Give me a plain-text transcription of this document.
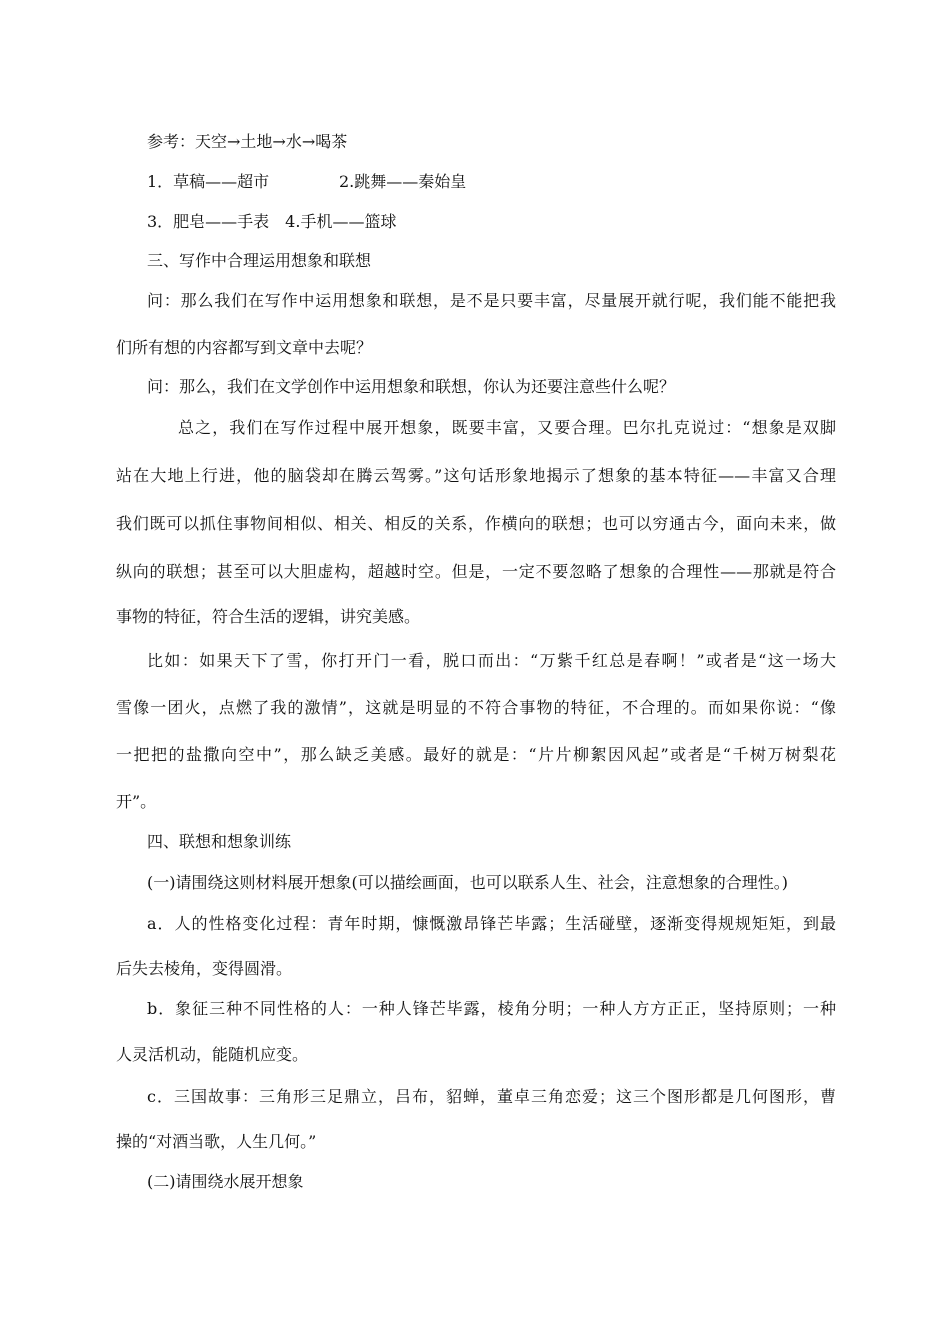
参考：天空→土地→水→喝茶
1．草稿——超市	2.跳舞——秦始皇
3．肥皂——手表　4.手机——篮球
三、写作中合理运用想象和联想
问：那么我们在写作中运用想象和联想，是不是只要丰富，尽量展开就行呢，我们能不能把我
们所有想的内容都写到文章中去呢？
问：那么，我们在文学创作中运用想象和联想，你认为还要注意些什么呢？
总之，我们在写作过程中展开想象，既要丰富，又要合理。巴尔扎克说过：“想象是双脚
站在大地上行进，他的脑袋却在腾云驾雾。”这句话形象地揭示了想象的基本特征——丰富又合理
我们既可以抓住事物间相似、相关、相反的关系，作横向的联想；也可以穷通古今，面向未来，做
纵向的联想；甚至可以大胆虚构，超越时空。但是，一定不要忽略了想象的合理性——那就是符合
事物的特征，符合生活的逻辑，讲究美感。
比如：如果天下了雪，你打开门一看，脱口而出：“万紫千红总是春啊！”或者是“这一场大
雪像一团火，点燃了我的激情”，这就是明显的不符合事物的特征，不合理的。而如果你说：“像
一把把的盐撒向空中”，那么缺乏美感。最好的就是：“片片柳絮因风起”或者是“千树万树梨花
开”。
四、联想和想象训练
(一)请围绕这则材料展开想象(可以描绘画面，也可以联系人生、社会，注意想象的合理性。)
a．人的性格变化过程：青年时期，慷慨激昂锋芒毕露；生活碰壁，逐渐变得规规矩矩，到最
后失去棱角，变得圆滑。
b．象征三种不同性格的人：一种人锋芒毕露，棱角分明；一种人方方正正，坚持原则；一种
人灵活机动，能随机应变。
c．三国故事：三角形三足鼎立，吕布，貂蝉，董卓三角恋爱；这三个图形都是几何图形，曹
操的“对酒当歌，人生几何。”
(二)请围绕水展开想象
